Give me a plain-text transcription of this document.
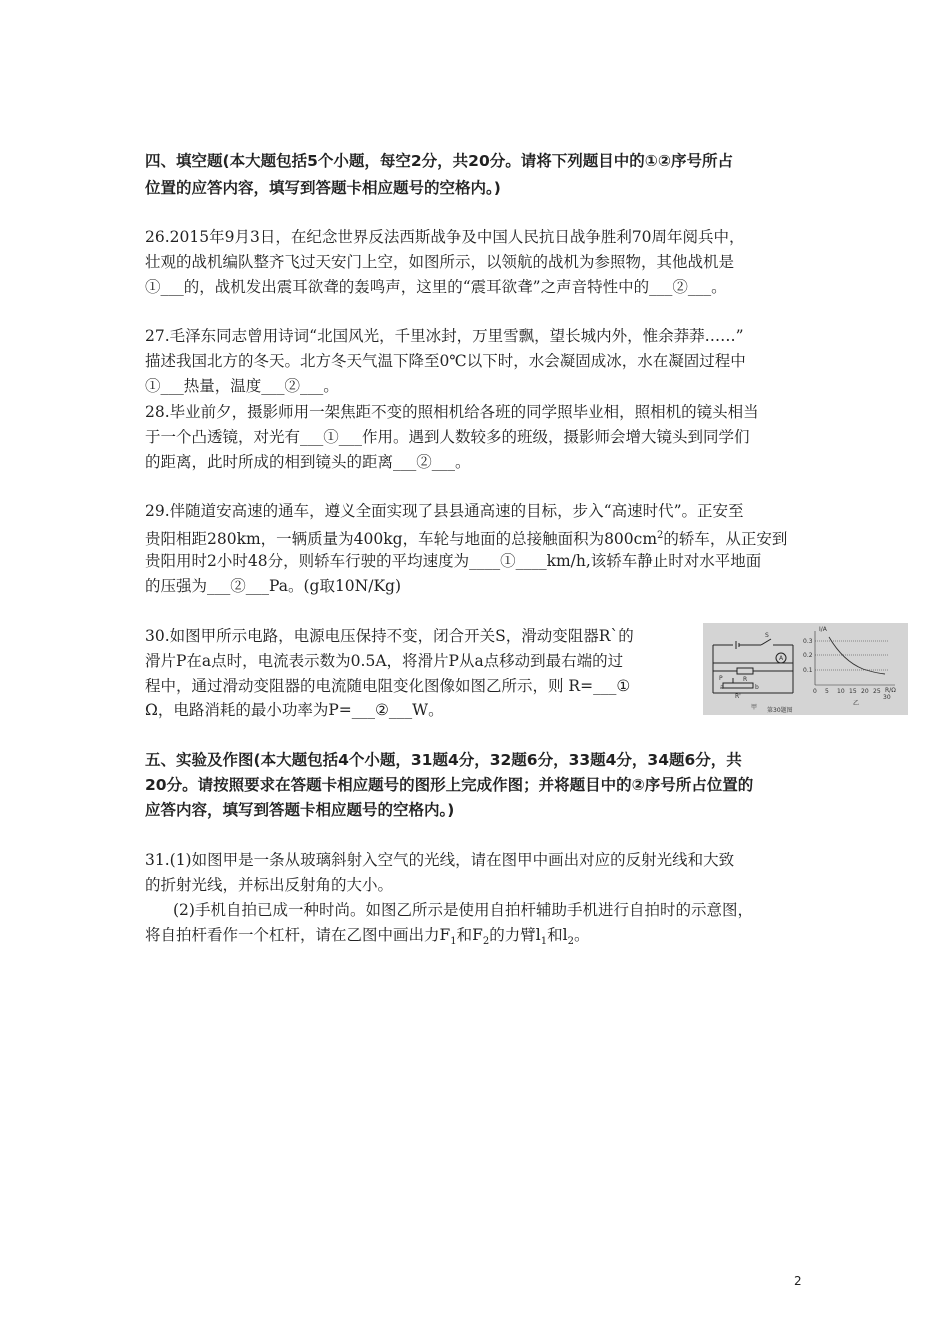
四、填空题(本大题包括5个小题，每空2分，共20分。请将下列题目中的①②序号所占
位置的应答内容，填写到答题卡相应题号的空格内。)
26.2015年9月3日，在纪念世界反法西斯战争及中国人民抗日战争胜利70周年阅兵中，
壮观的战机编队整齐飞过天安门上空，如图所示，以领航的战机为参照物，其他战机是
①___的，战机发出震耳欲聋的轰鸣声，这里的“震耳欲聋”之声音特性中的___②___。
27.毛泽东同志曾用诗词“北国风光，千里冰封，万里雪飘，望长城内外，惟余莽莽……”
描述我国北方的冬天。北方冬天气温下降至0℃以下时，水会凝固成冰，水在凝固过程中
①___热量，温度___②___。
28.毕业前夕，摄影师用一架焦距不变的照相机给各班的同学照毕业相，照相机的镜头相当
于一个凸透镜，对光有___①___作用。遇到人数较多的班级，摄影师会增大镜头到同学们
的距离，此时所成的相到镜头的距离___②___。
29.伴随道安高速的通车，遵义全面实现了县县通高速的目标，步入“高速时代”。正安至
贵阳相距280km，一辆质量为400kg，车轮与地面的总接触面积为$800cm^2$的轿车，从正安到
贵阳用时2小时48分，则轿车行驶的平均速度为____①____km/h,该轿车静止时对水平地面
的压强为___②___Pa。(g取10N/Kg)
30.如图甲所示电路，电源电压保持不变，闭合开关S，滑动变阻器R`的
滑片P在a点时，电流表示数为0.5A，将滑片P从a点移动到最右端的过
程中，通过滑动变阻器的电流随电阻变化图像如图乙所示，则 R=___①
Ω，电路消耗的最小功率为P=___②___W。
A
S
R
P
R'
a	b
甲
I/A
R/Ω
0.3
0.2
0.1
0 5 10 15 20 25
30
乙
第30题图
五、实验及作图(本大题包括4个小题，31题4分，32题6分，33题4分，34题6分，共
20分。请按照要求在答题卡相应题号的图形上完成作图；并将题目中的②序号所占位置的
应答内容，填写到答题卡相应题号的空格内。)
31.(1)如图甲是一条从玻璃斜射入空气的光线，请在图甲中画出对应的反射光线和大致
的折射光线，并标出反射角的大小。
(2)手机自拍已成一种时尚。如图乙所示是使用自拍杆辅助手机进行自拍时的示意图，
将自拍杆看作一个杠杆，请在乙图中画出力$F_1$和$F_2$的力臂$l_1$和$l_2$。
2
